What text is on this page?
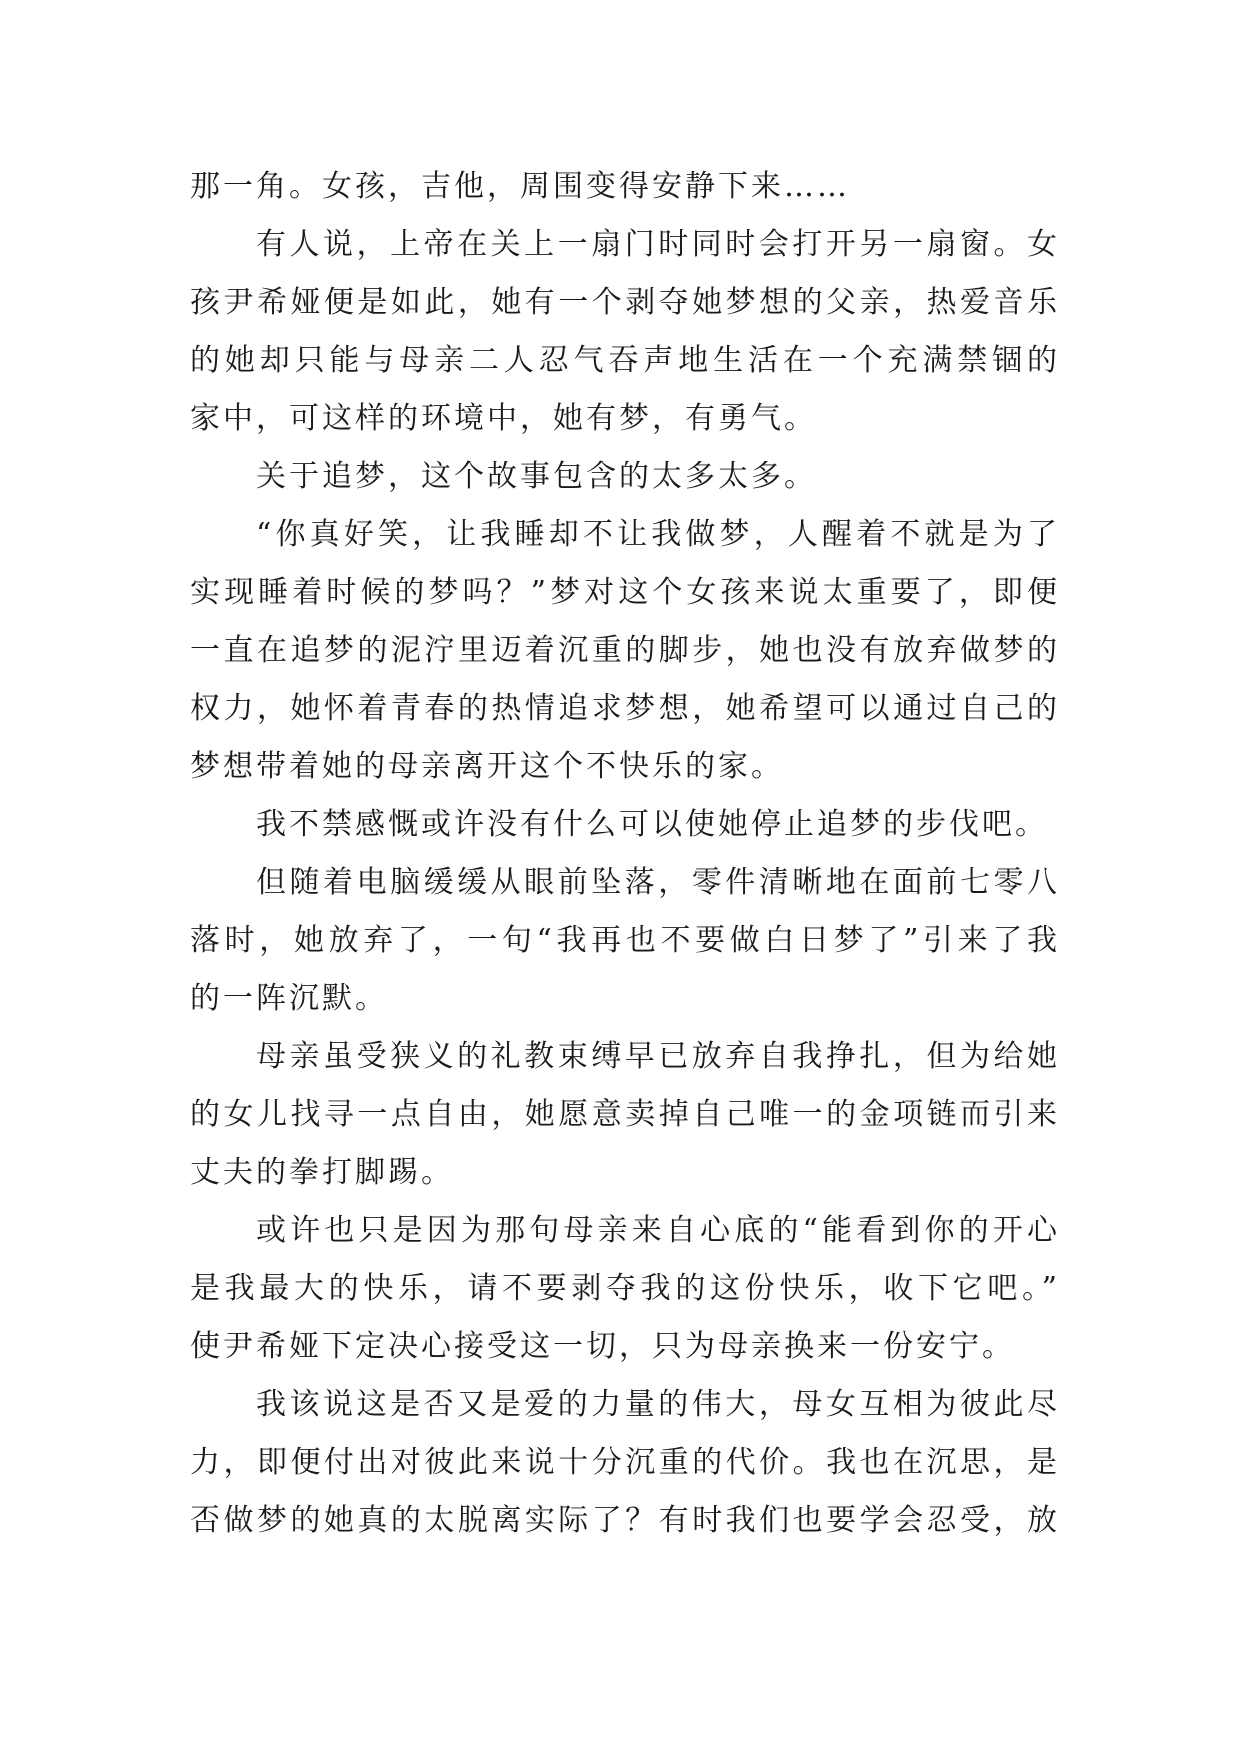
那一角。女孩，吉他，周围变得安静下来……
有人说，上帝在关上一扇门时同时会打开另一扇窗。女
孩尹希娅便是如此，她有一个剥夺她梦想的父亲，热爱音乐
的她却只能与母亲二人忍气吞声地生活在一个充满禁锢的
家中，可这样的环境中，她有梦，有勇气。
关于追梦，这个故事包含的太多太多。
“你真好笑，让我睡却不让我做梦，人醒着不就是为了
实现睡着时候的梦吗？”梦对这个女孩来说太重要了，即便
一直在追梦的泥泞里迈着沉重的脚步，她也没有放弃做梦的
权力，她怀着青春的热情追求梦想，她希望可以通过自己的
梦想带着她的母亲离开这个不快乐的家。
我不禁感慨或许没有什么可以使她停止追梦的步伐吧。
但随着电脑缓缓从眼前坠落，零件清晰地在面前七零八
落时，她放弃了，一句“我再也不要做白日梦了”引来了我
的一阵沉默。
母亲虽受狭义的礼教束缚早已放弃自我挣扎，但为给她
的女儿找寻一点自由，她愿意卖掉自己唯一的金项链而引来
丈夫的拳打脚踢。
或许也只是因为那句母亲来自心底的“能看到你的开心
是我最大的快乐，请不要剥夺我的这份快乐，收下它吧。”
使尹希娅下定决心接受这一切，只为母亲换来一份安宁。
我该说这是否又是爱的力量的伟大，母女互相为彼此尽
力，即便付出对彼此来说十分沉重的代价。我也在沉思，是
否做梦的她真的太脱离实际了？有时我们也要学会忍受，放
